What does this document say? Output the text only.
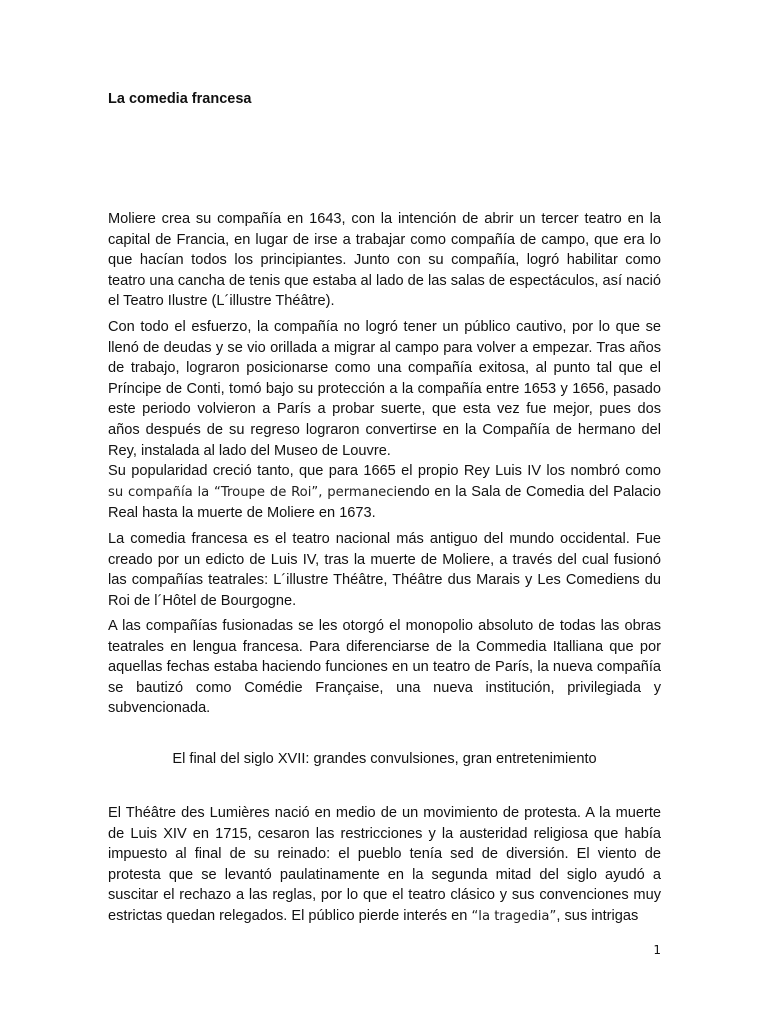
La comedia francesa

Moliere crea su compañía en 1643, con la intención de abrir un tercer teatro en la capital de Francia, en lugar de irse a trabajar como compañía de campo, que era lo que hacían todos los principiantes. Junto con su compañía, logró habilitar como teatro una cancha de tenis que estaba al lado de las salas de espectáculos, así nació el Teatro Ilustre (L´illustre Théâtre).

Con todo el esfuerzo, la compañía no logró tener un público cautivo, por lo que se llenó de deudas y se vio orillada a migrar al campo para volver a empezar. Tras años de trabajo, lograron posicionarse como una compañía exitosa, al punto tal que el Príncipe de Conti, tomó bajo su protección a la compañía entre 1653 y 1656, pasado este periodo volvieron a París a probar suerte, que esta vez fue mejor, pues dos años después de su regreso lograron convertirse en la Compañía de hermano del Rey, instalada al lado del Museo de Louvre.

Su popularidad creció tanto, que para 1665 el propio Rey Luis IV los nombró como su compañía la “Troupe de Roi”, permaneciendo en la Sala de Comedia del Palacio Real hasta la muerte de Moliere en 1673.

La comedia francesa es el teatro nacional más antiguo del mundo occidental. Fue creado por un edicto de Luis IV, tras la muerte de Moliere, a través del cual fusionó las compañías teatrales: L´illustre Théâtre, Théâtre dus Marais y Les Comediens du Roi de l´Hôtel de Bourgogne.

A las compañías fusionadas se les otorgó el monopolio absoluto de todas las obras teatrales en lengua francesa. Para diferenciarse de la Commedia Italliana que por aquellas fechas estaba haciendo funciones en un teatro de París, la nueva compañía se bautizó como Comédie Française, una nueva institución, privilegiada y subvencionada.

El final del siglo XVII: grandes convulsiones, gran entretenimiento

El Théâtre des Lumières nació en medio de un movimiento de protesta. A la muerte de Luis XIV en 1715, cesaron las restricciones y la austeridad religiosa que había impuesto al final de su reinado: el pueblo tenía sed de diversión. El viento de protesta que se levantó paulatinamente en la segunda mitad del siglo ayudó a suscitar el rechazo a las reglas, por lo que el teatro clásico y sus convenciones muy estrictas quedan relegados. El público pierde interés en “la tragedia”, sus intrigas

1
